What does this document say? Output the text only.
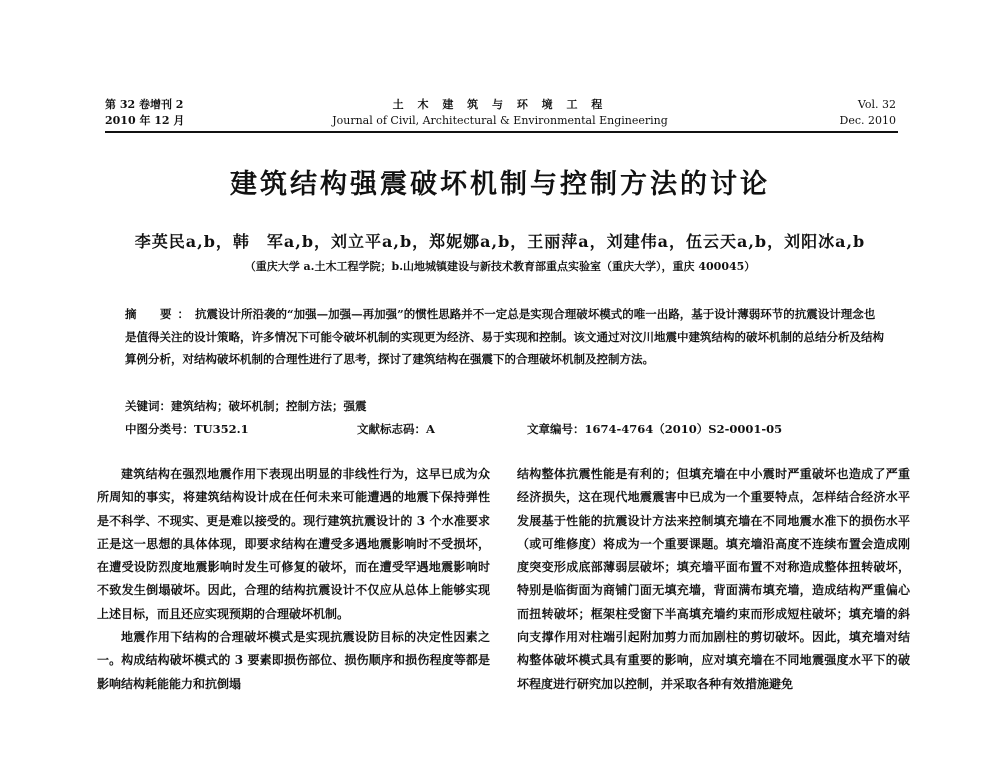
第 32 卷增刊 2
2010 年 12 月
土 木 建 筑 与 环 境 工 程
Journal of Civil, Architectural & Environmental Engineering
Vol. 32
Dec. 2010
建筑结构强震破坏机制与控制方法的讨论
李英民a,b，韩　军a,b，刘立平a,b，郑妮娜a,b，王丽萍a，刘建伟a，伍云天a,b，刘阳冰a,b
（重庆大学 a.土木工程学院；b.山地城镇建设与新技术教育部重点实验室（重庆大学），重庆 400045）
摘　要：抗震设计所沿袭的“加强—加强—再加强”的惯性思路并不一定总是实现合理破坏模式的唯一出路，基于设计薄弱环节的抗震设计理念也是值得关注的设计策略，许多情况下可能令破坏机制的实现更为经济、易于实现和控制。该文通过对汶川地震中建筑结构的破坏机制的总结分析及结构算例分析，对结构破坏机制的合理性进行了思考，探讨了建筑结构在强震下的合理破坏机制及控制方法。
关键词：建筑结构；破坏机制；控制方法；强震
中图分类号：TU352.1	文献标志码：A	文章编号：1674-4764（2010）S2-0001-05

建筑结构在强烈地震作用下表现出明显的非线性行为，这早已成为众所周知的事实，将建筑结构设计成在任何未来可能遭遇的地震下保持弹性是不科学、不现实、更是难以接受的。现行建筑抗震设计的 3 个水准要求正是这一思想的具体体现，即要求结构在遭受多遇地震影响时不受损坏，在遭受设防烈度地震影响时发生可修复的破坏，而在遭受罕遇地震影响时不致发生倒塌破坏。因此，合理的结构抗震设计不仅应从总体上能够实现上述目标，而且还应实现预期的合理破坏机制。

地震作用下结构的合理破坏模式是实现抗震设防目标的决定性因素之一。构成结构破坏模式的 3 要素即损伤部位、损伤顺序和损伤程度等都是影响结构耗能能力和抗倒塌

结构整体抗震性能是有利的；但填充墙在中小震时严重破坏也造成了严重经济损失，这在现代地震震害中已成为一个重要特点，怎样结合经济水平发展基于性能的抗震设计方法来控制填充墙在不同地震水准下的损伤水平（或可维修度）将成为一个重要课题。填充墙沿高度不连续布置会造成刚度突变形成底部薄弱层破坏；填充墙平面布置不对称造成整体扭转破坏，特别是临街面为商铺门面无填充墙，背面满布填充墙，造成结构严重偏心而扭转破坏；框架柱受窗下半高填充墙约束而形成短柱破坏；填充墙的斜向支撑作用对柱端引起附加剪力而加剧柱的剪切破坏。因此，填充墙对结构整体破坏模式具有重要的影响，应对填充墙在不同地震强度水平下的破坏程度进行研究加以控制，并采取各种有效措施避免
